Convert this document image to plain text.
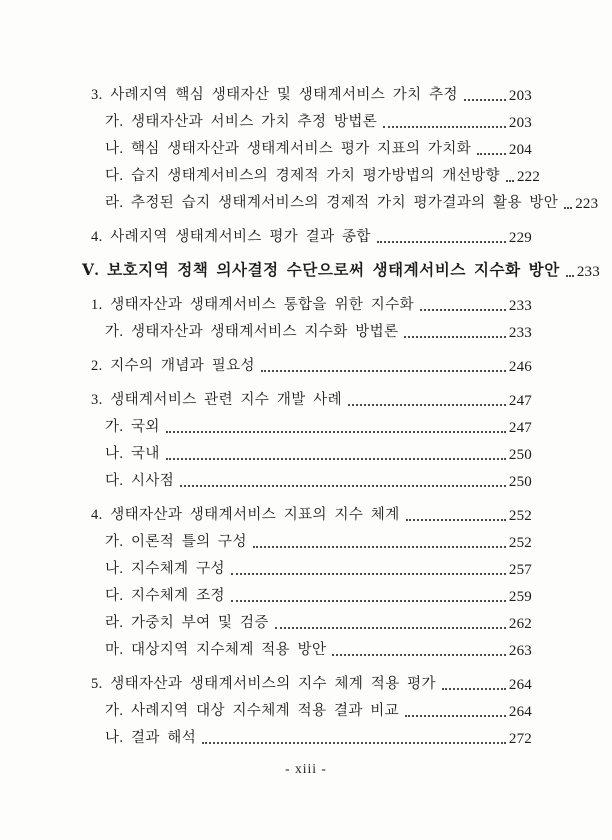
3. 사례지역 핵심 생태자산 및 생태계서비스 가치 추정	203
가. 생태자산과 서비스 가치 추정 방법론	203
나. 핵심 생태자산과 생태계서비스 평가 지표의 가치화	204
다. 습지 생태계서비스의 경제적 가치 평가방법의 개선방향 222
라. 추정된 습지 생태계서비스의 경제적 가치 평가결과의 활용 방안 223
4. 사례지역 생태계서비스 평가 결과 종합	229
Ⅴ. 보호지역 정책 의사결정 수단으로써 생태계서비스 지수화 방안 233
1. 생태자산과 생태계서비스 통합을 위한 지수화	233
가. 생태자산과 생태계서비스 지수화 방법론	233
2. 지수의 개념과 필요성	246
3. 생태계서비스 관련 지수 개발 사례	247
가. 국외	247
나. 국내	250
다. 시사점	250
4. 생태자산과 생태계서비스 지표의 지수 체계	252
가. 이론적 틀의 구성	252
나. 지수체계 구성	257
다. 지수체계 조정	259
라. 가중치 부여 및 검증	262
마. 대상지역 지수체계 적용 방안	263
5. 생태자산과 생태계서비스의 지수 체계 적용 평가	264
가. 사례지역 대상 지수체계 적용 결과 비교	264
나. 결과 해석	272
- xiii -
